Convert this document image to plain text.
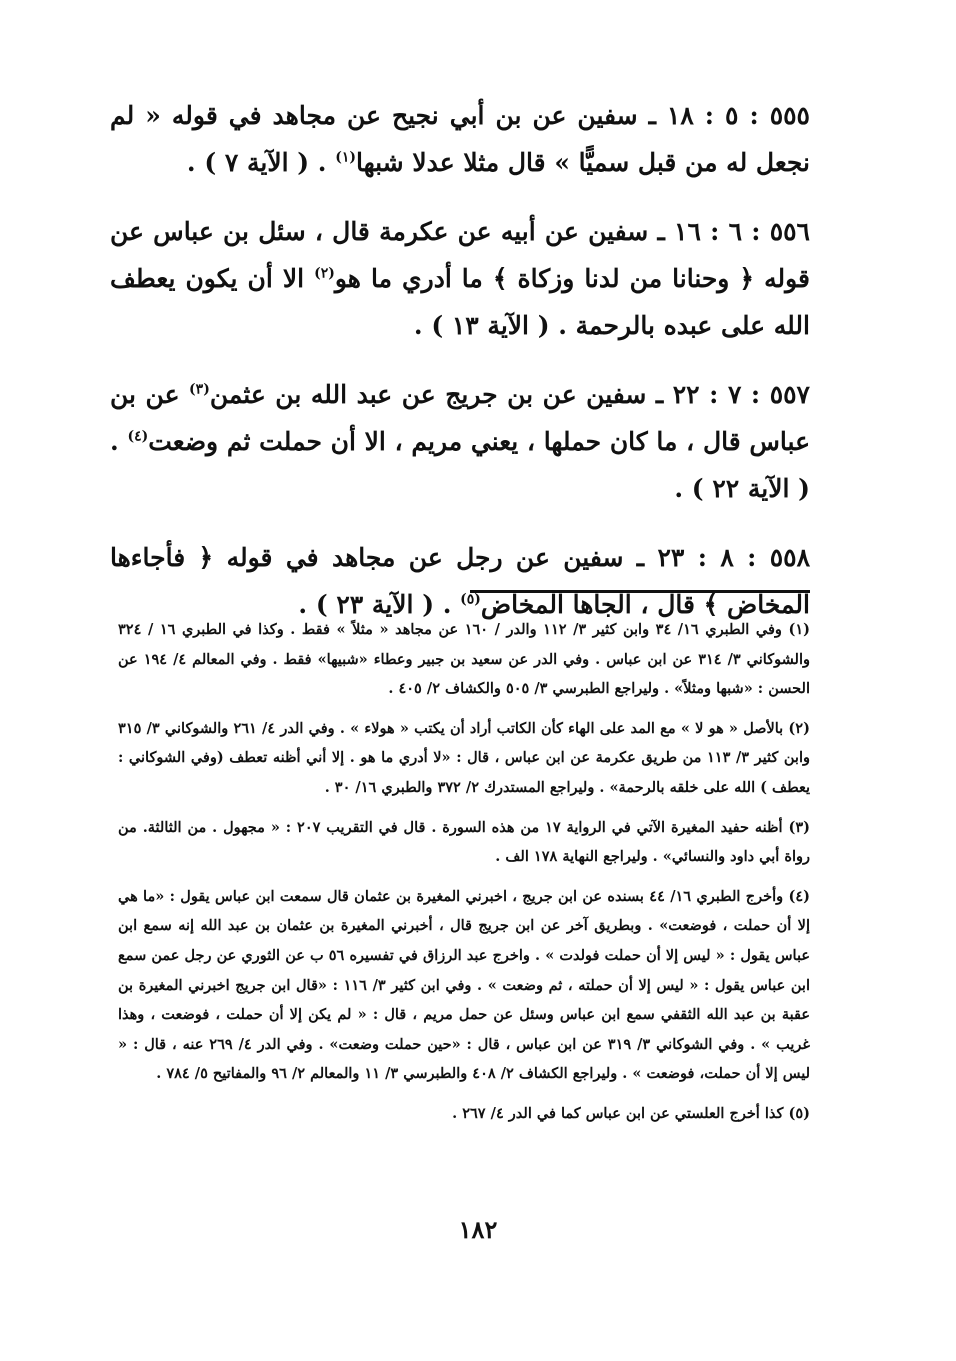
٥٥٥ : ٥ : ١٨ ـ سفين عن بن أبي نجيح عن مجاهد في قوله « لم نجعل له من قبل سميًّا » قال مثلا عدلا شبها$^{(١)}$ . ( الآية ٧ ) .

٥٥٦ : ٦ : ١٦ ـ سفين عن أبيه عن عكرمة قال ، سئل بن عباس عن قوله ﴿ وحنانا من لدنا وزكاة ﴾ ما أدري ما هو$^{(٢)}$ الا أن يكون يعطف الله على عبده بالرحمة . ( الآية ١٣ ) .

٥٥٧ : ٧ : ٢٢ ـ سفين عن بن جريج عن عبد الله بن عثمن$^{(٣)}$ عن بن عباس قال ، ما كان حملها ، يعني مريم ، الا أن حملت ثم وضعت$^{(٤)}$ . ( الآية ٢٢ ) .

٥٥٨ : ٨ : ٢٣ ـ سفين عن رجل عن مجاهد في قوله ﴿ فأجاءها المخاض ﴾ قال ، الجاها المخاض$^{(٥)}$ . ( الآية ٢٣ ) .

(١) وفي الطبري ١٦/ ٣٤ وابن كثير ٣/ ١١٢ والدر / ١٦٠ عن مجاهد « مثلاً » فقط . وكذا في الطبري ١٦ / ٣٢٤ والشوكاني ٣/ ٣١٤ عن ابن عباس . وفي الدر عن سعيد بن جبير وعطاء «شبيها» فقط . وفي المعالم ٤/ ١٩٤ عن الحسن : «شبها ومثلاً» . وليراجع الطبرسي ٣/ ٥٠٥ والكشاف ٢/ ٤٠٥ .

(٢) بالأصل « هو لا » مع المد على الهاء كأن الكاتب أراد أن يكتب « هولاء » . وفي الدر ٤/ ٢٦١ والشوكاني ٣/ ٣١٥ وابن كثير ٣/ ١١٣ من طريق عكرمة عن ابن عباس ، قال : «لا أدري ما هو . إلا أني أظنه تعطف (وفي الشوكاني : يعطف ) الله على خلقه بالرحمة» . وليراجع المستدرك ٢/ ٣٧٢ والطبري ١٦/ ٣٠ .

(٣) أظنه حفيد المغيرة الآتي في الرواية ١٧ من هذه السورة . قال في التقريب ٢٠٧ : « مجهول . من الثالثة. من رواة أبي داود والنسائي» . وليراجع النهاية ١٧٨ الف .

(٤) وأخرج الطبري ١٦/ ٤٤ بسنده عن ابن جريج ، اخبرني المغيرة بن عثمان قال سمعت ابن عباس يقول : «ما هي إلا أن حملت ، فوضعت» . وبطريق آخر عن ابن جريج قال ، أخبرني المغيرة بن عثمان بن عبد الله إنه سمع ابن عباس يقول : « ليس إلا أن حملت فولدت » . واخرج عبد الرزاق في تفسيره ٥٦ ب عن الثوري عن رجل عمن سمع ابن عباس يقول : « ليس إلا أن حملته ، ثم وضعت » . وفي ابن كثير ٣/ ١١٦ : «قال ابن جريج اخبرني المغيرة بن عقبة بن عبد الله الثقفي سمع ابن عباس وسئل عن حمل مريم ، قال : « لم يكن إلا أن حملت ، فوضعت ، وهذا غريب » . وفي الشوكاني ٣/ ٣١٩ عن ابن عباس ، قال : «حين حملت وضعت» . وفي الدر ٤/ ٢٦٩ عنه ، قال : « ليس إلا أن حملت، فوضعت » . وليراجع الكشاف ٢/ ٤٠٨ والطبرسي ٣/ ١١ والمعالم ٢/ ٩٦ والمفاتيح ٥/ ٧٨٤ .

(٥) كذا أخرج العلستي عن ابن عباس كما في الدر ٤/ ٢٦٧ .

١٨٢
